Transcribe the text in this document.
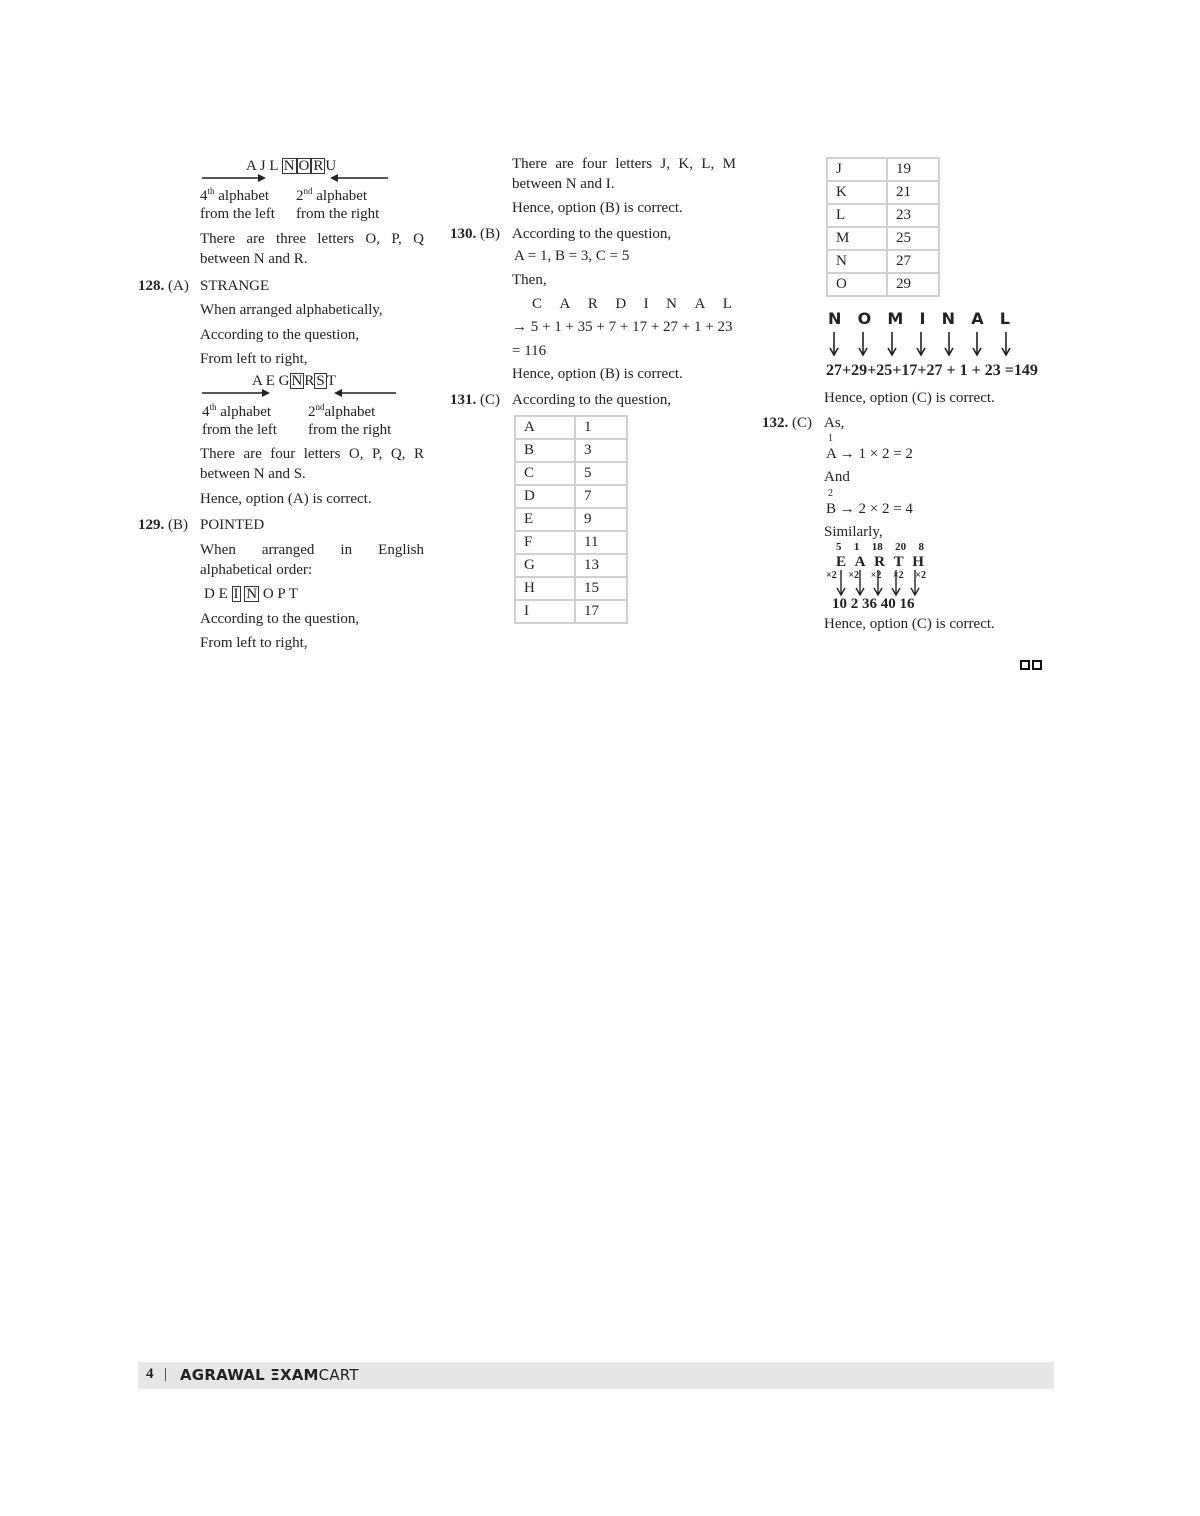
A J L N O R U
4th alphabet
from the left
2nd alphabet
from the right
There are three letters O, P, Q
between N and R.
128. (A) STRANGE
When arranged alphabetically,
According to the question,
From left to right,
A E G N R S T
4th alphabet
from the left
2ndalphabet
from the right
There are four letters O, P, Q, R
between N and S.
Hence, option (A) is correct.
129. (B) POINTED
When arranged in English
alphabetical order:
D E I N O P T
According to the question,
From left to right,
There are four letters J, K, L, M
between N and I.
Hence, option (B) is correct.
130. (B) According to the question,
A = 1, B = 3, C = 5
Then,
C A R D I N A L
→ 5 + 1 + 35 + 7 + 17 + 27 + 1 + 23
= 116
Hence, option (B) is correct.
131. (C) According to the question,
A	1
B	3
C	5
D	7
E	9
F	11
G	13
H	15
I	17
J	19
K	21
L	23
M	25
N	27
O	29
N O M I N A L
27+29+25+17+27 + 1 + 23 =149
Hence, option (C) is correct.
132. (C) As,
1
A → 1 × 2 = 2
And
2
B → 2 × 2 = 4
Similarly,
5 1 18 20 8
E A R T H
×2 ×2 ×2 ×2 ×2
10 2 36 40 16
Hence, option (C) is correct.
4 | AGRAWAL ΞXAMCART
